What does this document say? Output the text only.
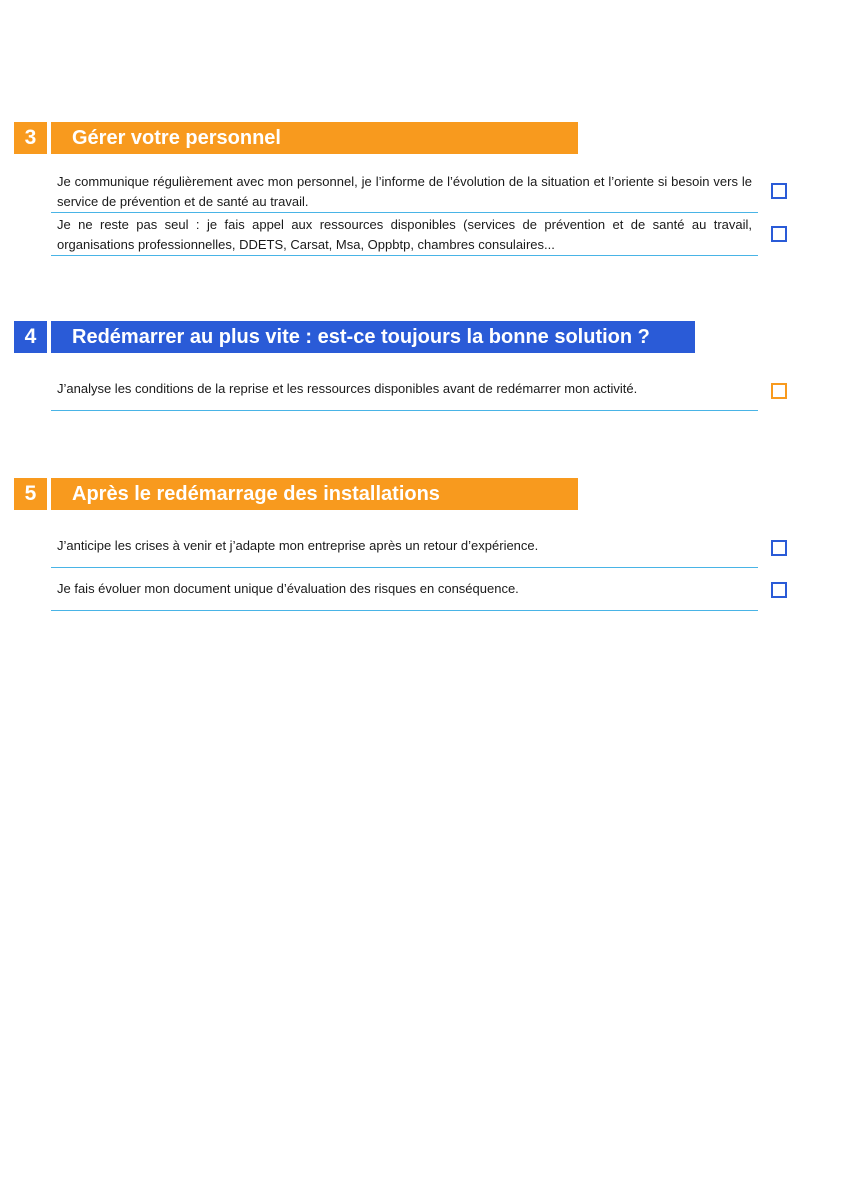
3	Gérer votre personnel
Je communique régulièrement avec mon personnel, je l’informe de l’évolution de la situation et l’oriente si besoin vers le service de prévention et de santé au travail.
Je ne reste pas seul : je fais appel aux ressources disponibles (services de prévention et de santé au travail, organisations professionnelles, DDETS, Carsat, Msa, Oppbtp, chambres consulaires...
4	Redémarrer au plus vite : est-ce toujours la bonne solution ?
J’analyse les conditions de la reprise et les ressources disponibles avant de redémarrer mon activité.
5	Après le redémarrage des installations
J’anticipe les crises à venir et j’adapte mon entreprise après un retour d’expérience.
Je fais évoluer mon document unique d’évaluation des risques en conséquence.
